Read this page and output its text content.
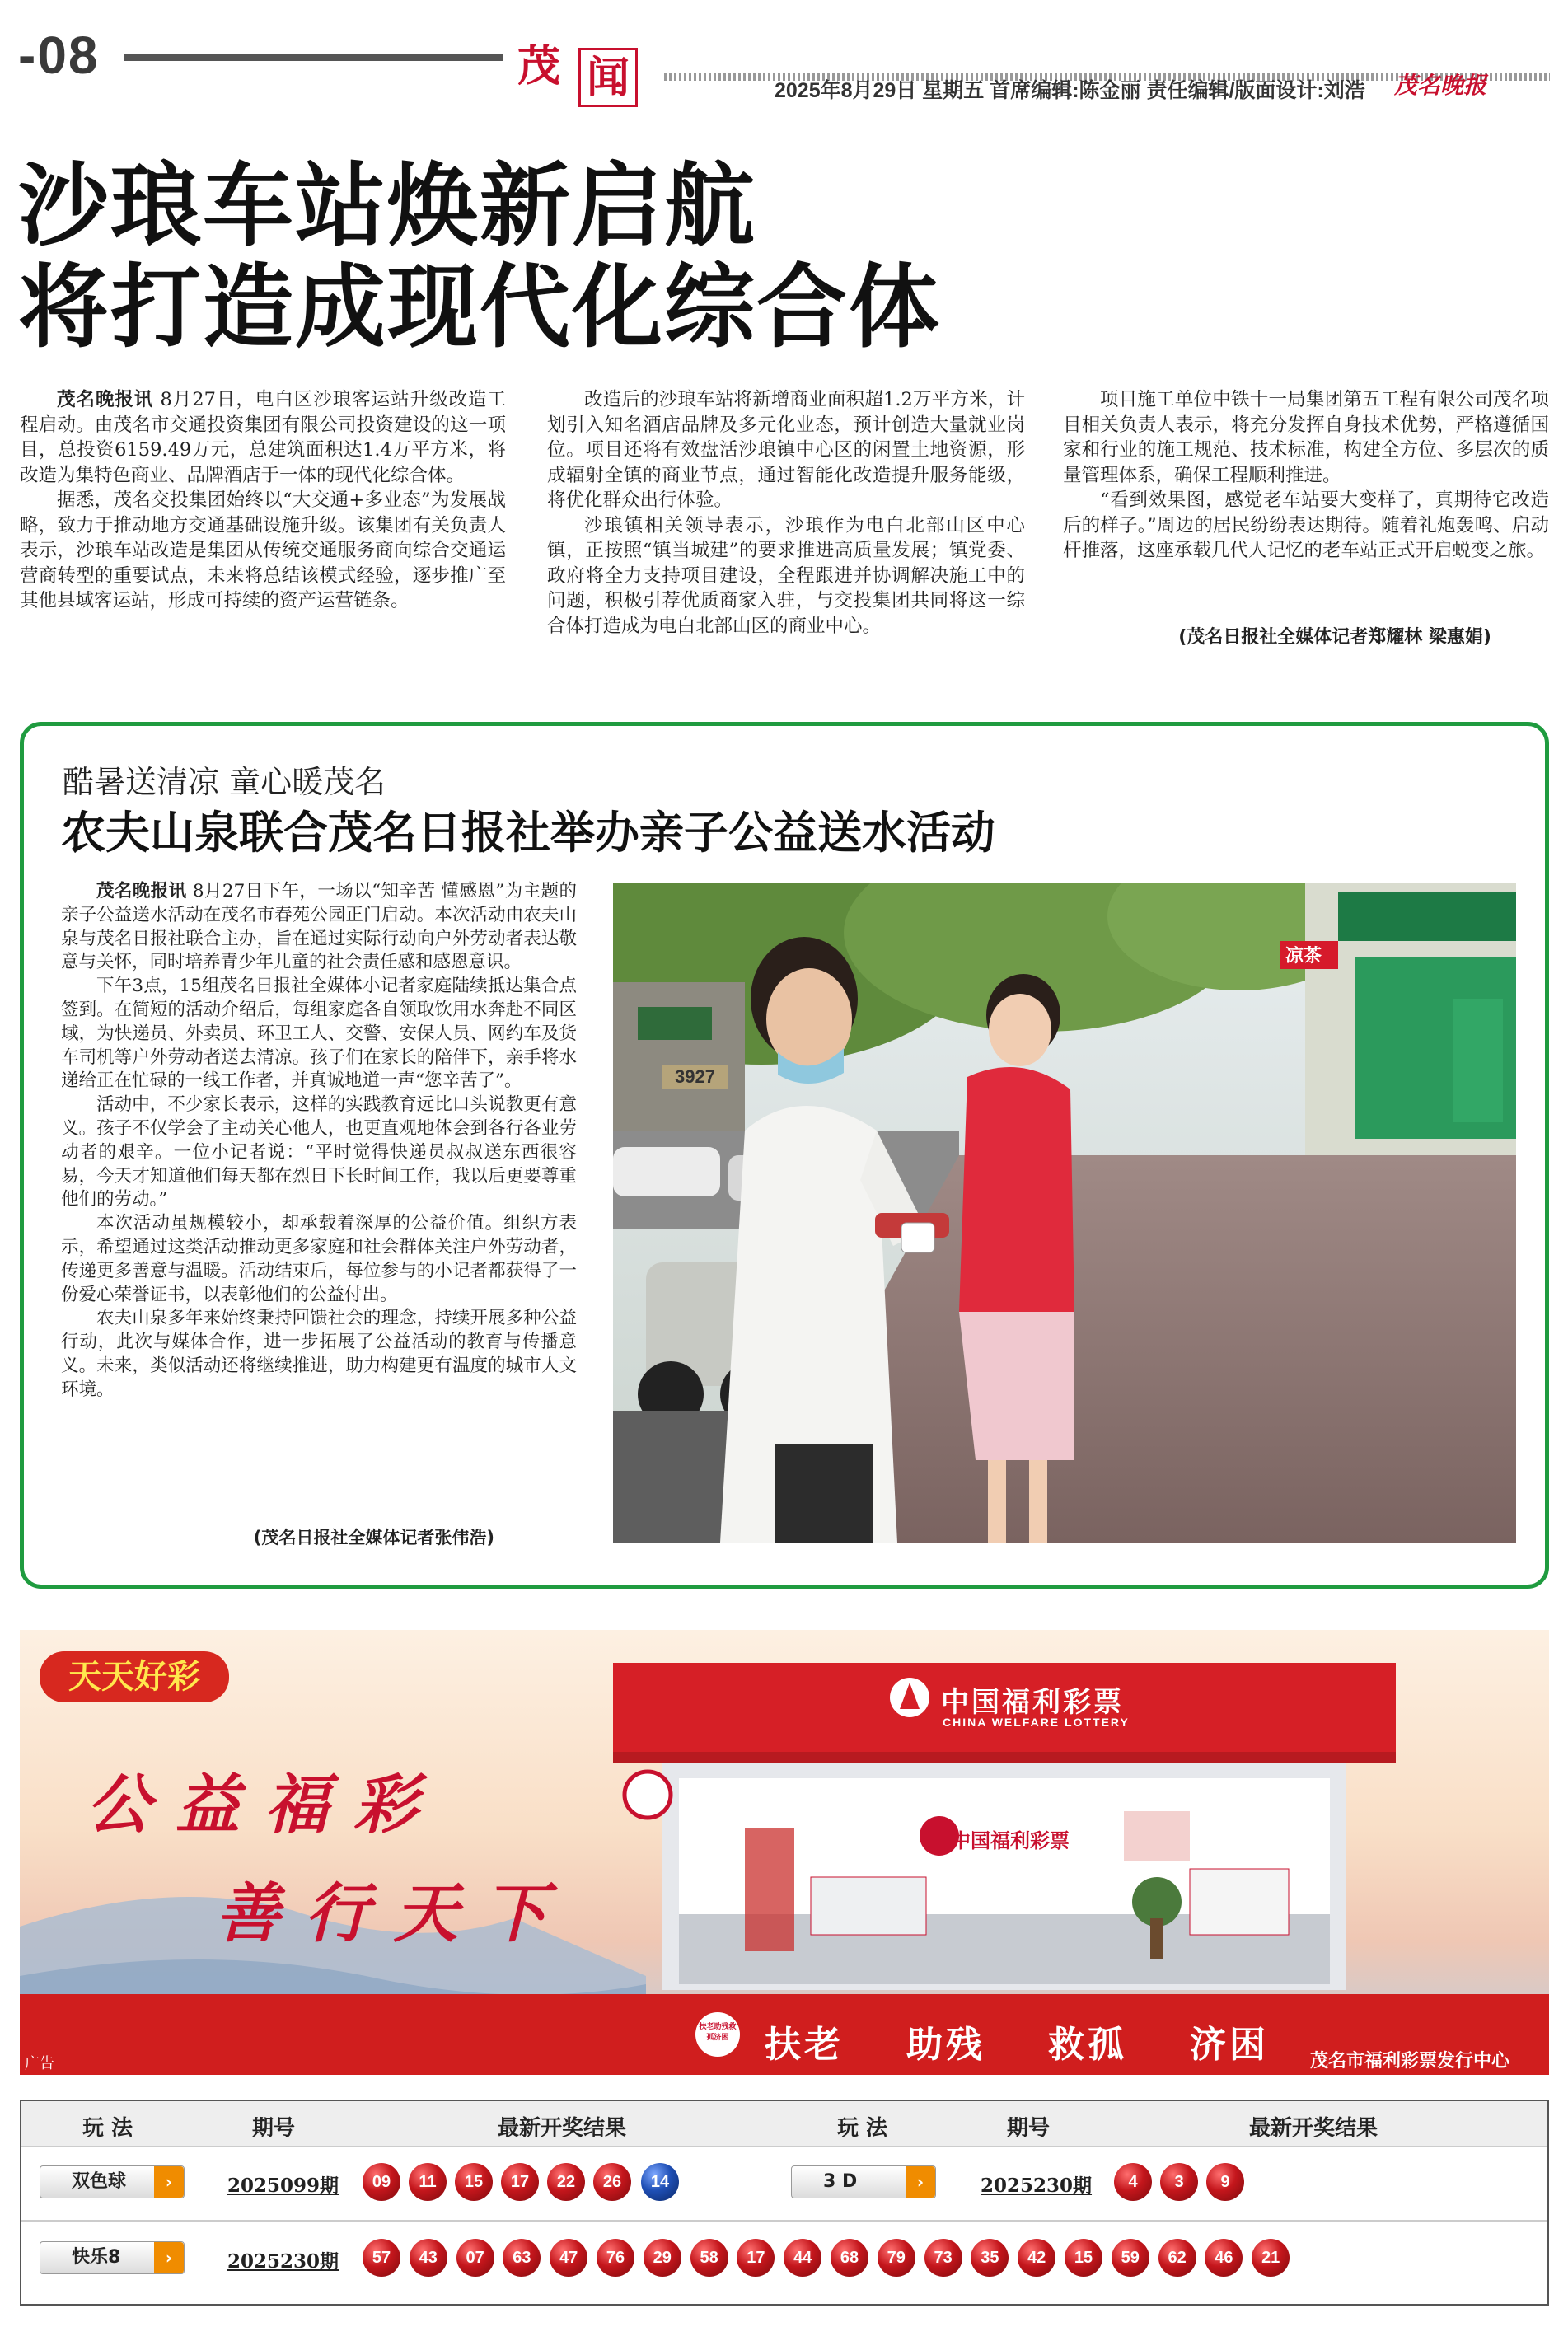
-08	茂 闻	2025年8月29日 星期五 首席编辑:陈金丽 责任编辑/版面设计:刘浩 茂名晚报
沙琅车站焕新启航
将打造成现代化综合体

茂名晚报讯 8月27日，电白区沙琅客运站升级改造工程启动。由茂名市交通投资集团有限公司投资建设的这一项目，总投资6159.49万元，总建筑面积达1.4万平方米，将改造为集特色商业、品牌酒店于一体的现代化综合体。

据悉，茂名交投集团始终以“大交通+多业态”为发展战略，致力于推动地方交通基础设施升级。该集团有关负责人表示，沙琅车站改造是集团从传统交通服务商向综合交通运营商转型的重要试点，未来将总结该模式经验，逐步推广至其他县域客运站，形成可持续的资产运营链条。

改造后的沙琅车站将新增商业面积超1.2万平方米，计划引入知名酒店品牌及多元化业态，预计创造大量就业岗位。项目还将有效盘活沙琅镇中心区的闲置土地资源，形成辐射全镇的商业节点，通过智能化改造提升服务能级，将优化群众出行体验。

沙琅镇相关领导表示，沙琅作为电白北部山区中心镇，正按照“镇当城建”的要求推进高质量发展；镇党委、政府将全力支持项目建设，全程跟进并协调解决施工中的问题，积极引荐优质商家入驻，与交投集团共同将这一综合体打造成为电白北部山区的商业中心。

项目施工单位中铁十一局集团第五工程有限公司茂名项目相关负责人表示，将充分发挥自身技术优势，严格遵循国家和行业的施工规范、技术标准，构建全方位、多层次的质量管理体系，确保工程顺利推进。

“看到效果图，感觉老车站要大变样了，真期待它改造后的样子。”周边的居民纷纷表达期待。随着礼炮轰鸣、启动杆推落，这座承载几代人记忆的老车站正式开启蜕变之旅。

(茂名日报社全媒体记者郑耀林 梁惠娟)
酷暑送清凉 童心暖茂名
农夫山泉联合茂名日报社举办亲子公益送水活动

茂名晚报讯 8月27日下午，一场以“知辛苦 懂感恩”为主题的亲子公益送水活动在茂名市春苑公园正门启动。本次活动由农夫山泉与茂名日报社联合主办，旨在通过实际行动向户外劳动者表达敬意与关怀，同时培养青少年儿童的社会责任感和感恩意识。

下午3点，15组茂名日报社全媒体小记者家庭陆续抵达集合点签到。在简短的活动介绍后，每组家庭各自领取饮用水奔赴不同区域，为快递员、外卖员、环卫工人、交警、安保人员、网约车及货车司机等户外劳动者送去清凉。孩子们在家长的陪伴下，亲手将水递给正在忙碌的一线工作者，并真诚地道一声“您辛苦了”。

活动中，不少家长表示，这样的实践教育远比口头说教更有意义。孩子不仅学会了主动关心他人，也更直观地体会到各行各业劳动者的艰辛。一位小记者说：“平时觉得快递员叔叔送东西很容易，今天才知道他们每天都在烈日下长时间工作，我以后更要尊重他们的劳动。”

本次活动虽规模较小，却承载着深厚的公益价值。组织方表示，希望通过这类活动推动更多家庭和社会群体关注户外劳动者，传递更多善意与温暖。活动结束后，每位参与的小记者都获得了一份爱心荣誉证书，以表彰他们的公益付出。

农夫山泉多年来始终秉持回馈社会的理念，持续开展多种公益行动，此次与媒体合作，进一步拓展了公益活动的教育与传播意义。未来，类似活动还将继续推进，助力构建更有温度的城市人文环境。

(茂名日报社全媒体记者张伟浩)
3927
凉茶
中国福利彩票
CHINA WELFARE LOTTERY
中国福利彩票
天天好彩
公益福彩
善行天下
扶老助残救孤济困 扶老 助残 救孤 济困
广告	茂名市福利彩票发行中心
玩 法	期号	最新开奖结果	玩 法	期号	最新开奖结果
双色球	›	2025099期	09	11	15	17	22	26	14	3 D	›	2025230期	4	3	9
快乐8	›	2025230期	57	43	07	63	47	76	29	58	17	44	68	79	73	35	42	15	59	62	46	21
